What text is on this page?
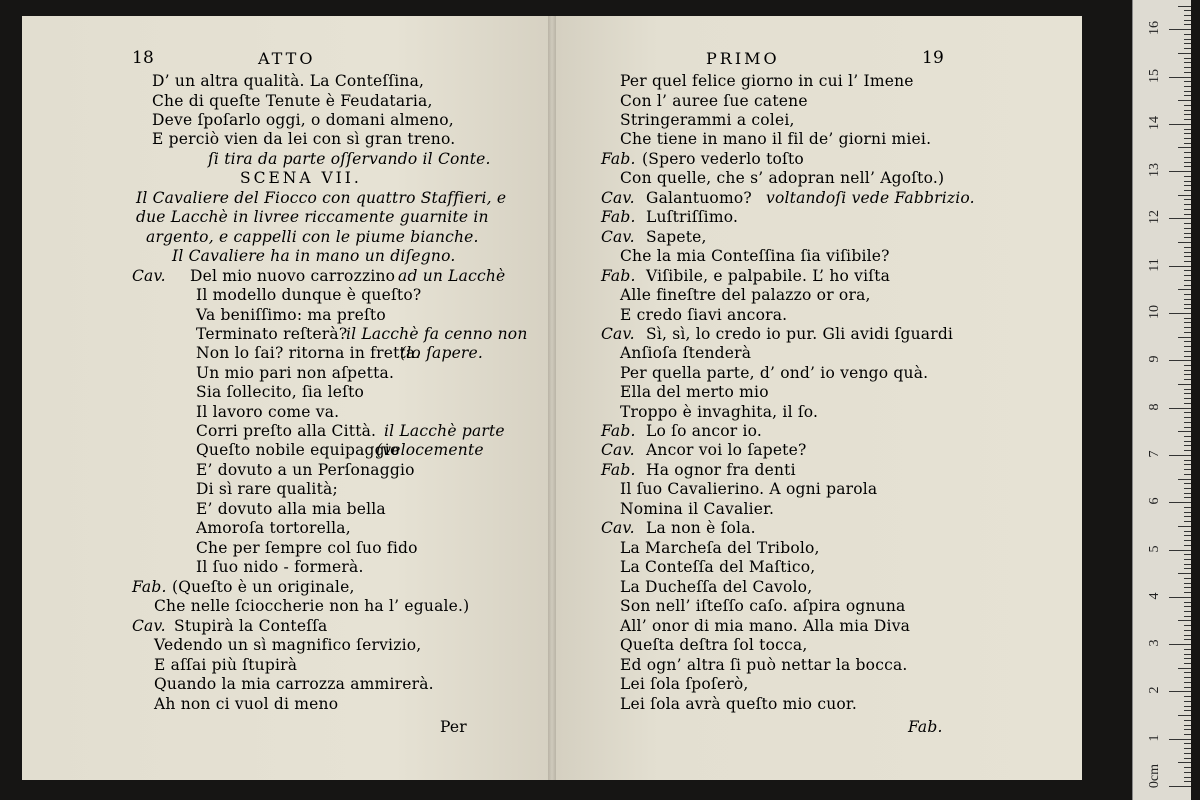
18	ATTO
D’ un altra qualità. La Conteſſina,
Che di queſte Tenute è Feudataria,
Deve ſpoſarlo oggi, o domani almeno,
E perciò vien da lei con sì gran treno.
ſi tira da parte oſſervando il Conte.
SCENA VII.
Il Cavaliere del Fiocco con quattro Staffieri, e
due Lacchè in livree riccamente guarnite in
argento, e cappelli con le piume bianche.
Il Cavaliere ha in mano un diſegno.
Cav. Del mio nuovo carrozzino ad un Lacchè
Il modello dunque è queſto?
Va beniſſimo: ma preſto
Terminato reſterà?
il Lacchè fa cenno non
Non lo ſai? ritorna in fretta.
(lo ſapere.
Un mio pari non aſpetta.
Sia ſollecito, ſia leſto
Il lavoro come va.
Corri preſto alla Città. il Lacchè parte
Queſto nobile equipaggio
(velocemente
E’ dovuto a un Perſonaggio
Di sì rare qualità;
E’ dovuto alla mia bella
Amoroſa tortorella,
Che per ſempre col ſuo fido
Il ſuo nido - formerà.
Fab. (Queſto è un originale,
Che nelle ſcioccherie non ha l’ eguale.)
Cav. Stupirà la Conteſſa
Vedendo un sì magnifico ſervizio,
E aſſai più ſtupirà
Quando la mia carrozza ammirerà.
Ah non ci vuol di meno
Per
PRIMO	19
Per quel felice giorno in cui l’ Imene
Con l’ auree ſue catene
Stringerammi a colei,
Che tiene in mano il fil de’ giorni miei.
Fab. (Spero vederlo toſto
Con quelle, che s’ adopran nell’ Agoſto.)
Cav. Galantuomo? voltandoſi vede Fabbrizio.
Fab. Luſtriſſimo.
Cav. Sapete,
Che la mia Conteſſina ſia viſibile?
Fab. Viſibile, e palpabile. L’ ho viſta
Alle fineſtre del palazzo or ora,
E credo ſiavi ancora.
Cav. Sì, sì, lo credo io pur. Gli avidi ſguardi
Anſioſa ſtenderà
Per quella parte, d’ ond’ io vengo quà.
Ella del merto mio
Troppo è invaghita, il ſo.
Fab. Lo ſo ancor io.
Cav. Ancor voi lo ſapete?
Fab. Ha ognor fra denti
Il ſuo Cavalierino. A ogni parola
Nomina il Cavalier.
Cav. La non è ſola.
La Marcheſa del Tribolo,
La Conteſſa del Maſtico,
La Ducheſſa del Cavolo,
Son nell’ iſteſſo caſo. aſpira ognuna
All’ onor di mia mano. Alla mia Diva
Queſta deſtra ſol tocca,
Ed ogn’ altra ſi può nettar la bocca.
Lei ſola ſpoſerò,
Lei ſola avrà queſto mio cuor.
Fab.
0cm
1
2
3
4
5
6
7
8
9
10
11
12
13
14
15
16
